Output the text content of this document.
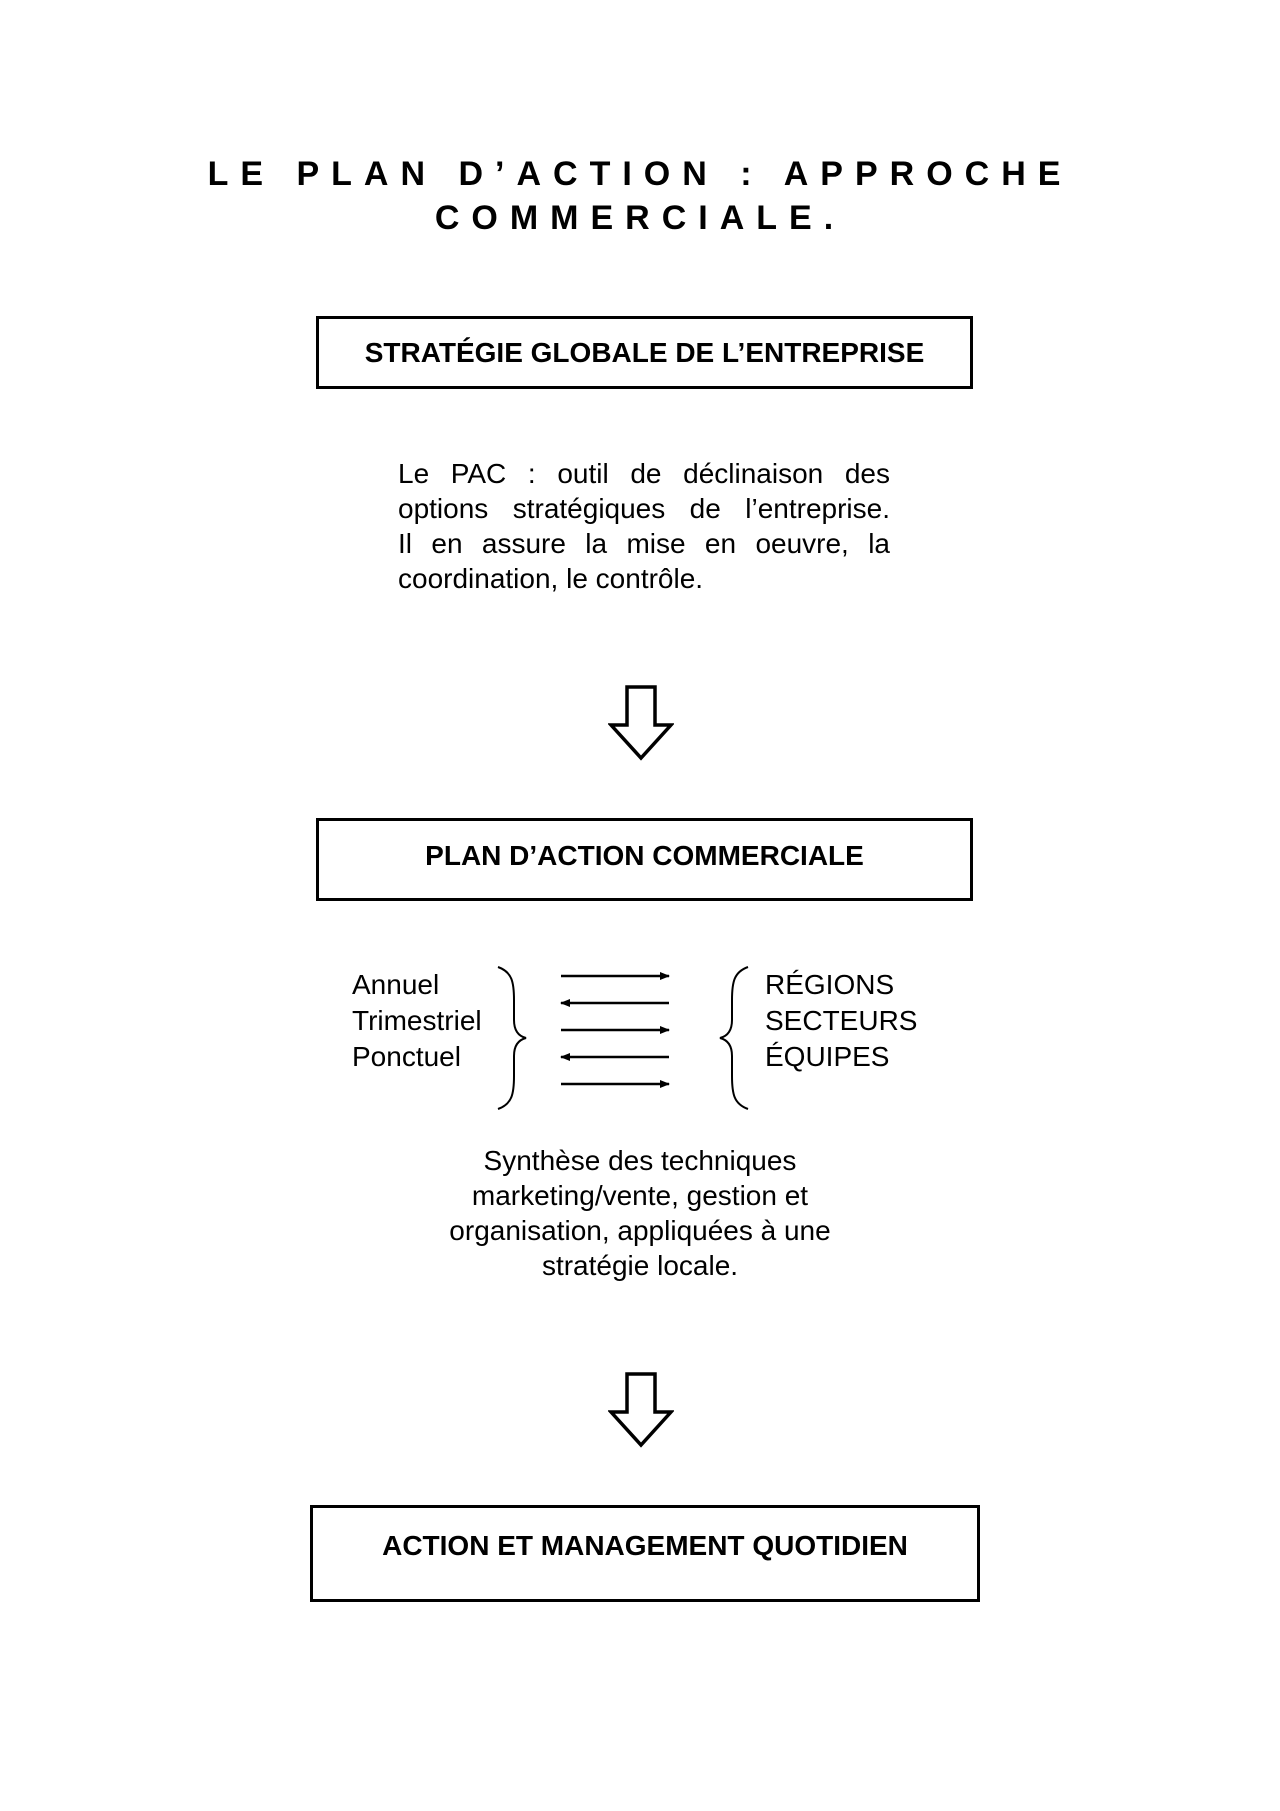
LE PLAN D’ACTION : APPROCHE
COMMERCIALE.
STRATÉGIE GLOBALE DE L’ENTREPRISE
Le PAC : outil de déclinaison des
options stratégiques de l’entreprise.
Il en assure la mise en oeuvre, la
coordination, le contrôle.
PLAN D’ACTION COMMERCIALE
Annuel
Trimestriel
Ponctuel
RÉGIONS
SECTEURS
ÉQUIPES
Synthèse des techniques
marketing/vente, gestion et
organisation, appliquées à une
stratégie locale.
ACTION ET MANAGEMENT QUOTIDIEN
